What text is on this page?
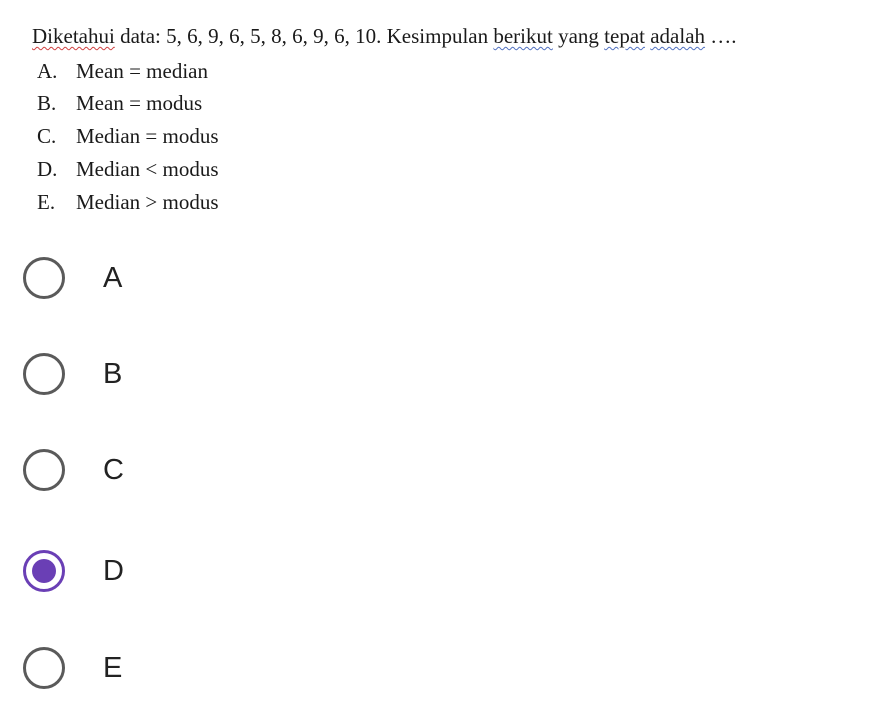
Diketahui data: 5, 6, 9, 6, 5, 8, 6, 9, 6, 10. Kesimpulan berikut yang tepat adalah ….
A. Mean = median
B. Mean = modus
C. Median = modus
D. Median < modus
E. Median > modus
A
B
C
D
E
